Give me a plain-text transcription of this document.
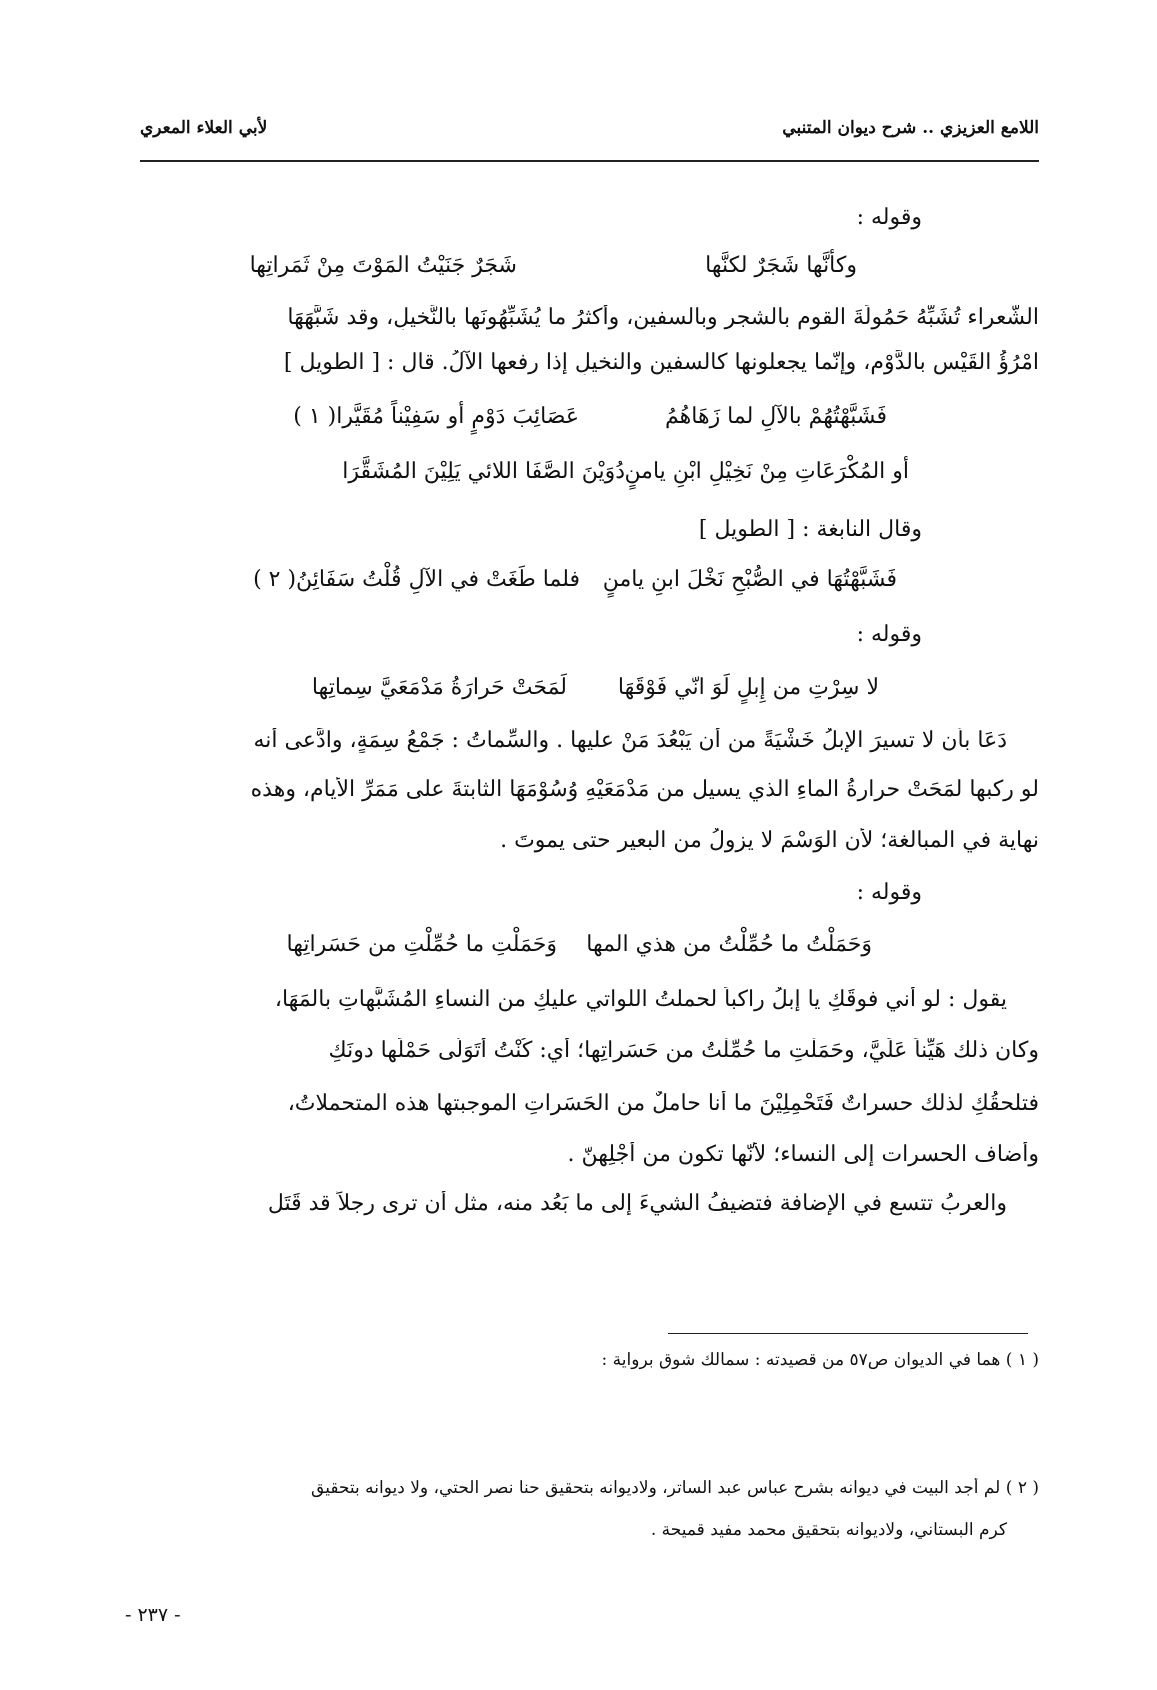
اللامع العزيزي .. شرح ديوان المتنبي
لأبي العلاء المعري
وقوله :
وكأنَّها شَجَرٌ لكنَّها
شَجَرٌ جَنَيْتُ المَوْتَ مِنْ ثَمَراتِها
الشُّعراء تُشَبِّهُ حَمُولَةَ القومِ بالشجرِ وبالسفينِ، وأكثرُ ما يُشَبِّهُونَها بالنَّخيلِ، وقد شَبَّهَهَا
امْرُؤُ القَيْسِ بالدَّوْمِ، وإنّما يجعلونها كالسفينِ والنخيلِ إذا رفعها الآلُ. قال : [ الطويل ]
فَشَبَّهْتُهُمْ بالآلِ لما زَهَاهُمُ
عَصَائِبَ دَوْمٍ أو سَفِيْناً مُقَيَّرا( ١ )
أو المُكْرَعَاتِ مِنْ نَخِيْلِ ابْنِ يامنٍ
دُوَيْنَ الصَّفَا اللائي يَلِيْنَ المُشَقَّرَا
وقال النابغة : [ الطويل ]
فَشَبَّهْتُهَا في الصُّبْحِ نَخْلَ ابنِ يامنٍ
فلما طَغَتْ في الآلِ قُلْتُ سَفَائِنُ( ٢ )
وقوله :
لا سِرْتِ من إِبلٍ لَوَ انّي فَوْقَهَا
لَمَحَتْ حَرارَةُ مَدْمَعَيَّ سِماتِها
دَعَا بأن لا تسيرَ الإبلُ خَشْيَةً من أن يَبْعُدَ مَنْ عليها . والسِّماتُ : جَمْعُ سِمَةٍ، وادَّعى أنه
لو ركبها لمَحَتْ حرارةُ الماءِ الذي يسيل من مَدْمَعَيْهِ وُسُوْمَهَا الثابتةَ على مَمَرِّ الأيامِ، وهذه
نهاية في المبالغة؛ لأن الوَسْمَ لا يزولُ من البعيرِ حتى يموتَ .
وقوله :
وَحَمَلْتُ ما حُمِّلْتُ من هذي المها
وَحَمَلْتِ ما حُمِّلْتِ من حَسَراتِها
يقول : لو أني فوقَكِ يا إِبلُ راكباً لحملتُ اللواتي عليكِ من النساءِ المُشَبَّهاتِ بالمَهَا،
وكان ذلك هَيِّناً عَلَيَّ، وحَمَلْتِ ما حُمِّلْتُ من حَسَراتِها؛ أي: كُنْتُ أَتَوَلَّى حَمْلَها دونَكِ
فتلحقُكِ لذلك حسراتٌ فَتَحْمِلِيْنَ ما أنا حاملٌ من الحَسَراتِ الموجبتها هذه المتحملاتُ،
وأضاف الحسرات إلى النساء؛ لأنّها تكون من أَجْلِهنّ .
والعربُ تتسع في الإضافة فتضيفُ الشيءَ إلى ما بَعُد منه، مثل أن ترى رجلاً قد قَتَل
( ١ ) هما في الديوان ص٥٧ من قصيدته : سمالك شوق برواية :
( ٢ ) لم أجد البيت في ديوانه بشرح عباس عبد الساتر، ولاديوانه بتحقيق حنا نصر الحتي، ولا ديوانه بتحقيق
كرم البستاني، ولاديوانه بتحقيق محمد مفيد قميحة .
- ٢٣٧ -
